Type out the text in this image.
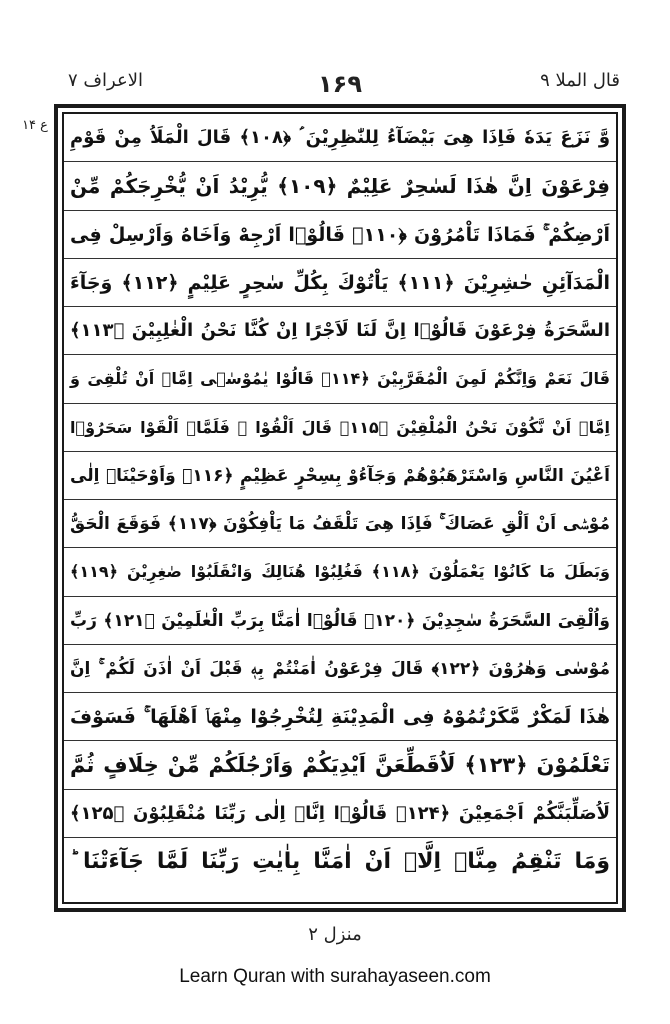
الاعراف ۷	۱۶۹	قال الملا ۹
ع ۱۴
وَّ نَزَعَ يَدَهٗ فَاِذَا هِىَ بَيْضَآءُ لِلنّٰظِرِيْنَ ؑ ﴿۱۰۸﴾ قَالَ الْمَلَاُ مِنْ قَوْمِ
فِرْعَوْنَ اِنَّ هٰذَا لَسٰحِرٌ عَلِيْمٌ ﴿۱۰۹﴾ يُّرِيْدُ اَنْ يُّخْرِجَكُمْ مِّنْ
اَرْضِكُمْ ۚ فَمَاذَا تَاْمُرُوْنَ ﴿۱۱۰﴾ قَالُوْۤا اَرْجِهْ وَاَخَاهُ وَاَرْسِلْ فِى
الْمَدَآئِنِ حٰشِرِيْنَ ﴿۱۱۱﴾ يَاْتُوْكَ بِكُلِّ سٰحِرٍ عَلِيْمٍ ﴿۱۱۲﴾ وَجَآءَ
السَّحَرَةُ فِرْعَوْنَ قَالُوْۤا اِنَّ لَنَا لَاَجْرًا اِنْ كُنَّا نَحْنُ الْغٰلِبِيْنَ ﴿۱۱۳﴾
قَالَ نَعَمْ وَاِنَّكُمْ لَمِنَ الْمُقَرَّبِيْنَ ﴿۱۱۴﴾ قَالُوْا يٰمُوْسٰۤى اِمَّاۤ اَنْ تُلْقِىَ وَ
اِمَّاۤ اَنْ نَّكُوْنَ نَحْنُ الْمُلْقِيْنَ ﴿۱۱۵﴾ قَالَ اَلْقُوْا ۚ فَلَمَّاۤ اَلْقَوْا سَحَرُوْۤا
اَعْيُنَ النَّاسِ وَاسْتَرْهَبُوْهُمْ وَجَآءُوْ بِسِحْرٍ عَظِيْمٍ ﴿۱۱۶﴾ وَاَوْحَيْنَاۤ اِلٰى
مُوْسٰۤى اَنْ اَلْقِ عَصَاكَ ۚ فَاِذَا هِىَ تَلْقَفُ مَا يَاْفِكُوْنَ ﴿۱۱۷﴾ فَوَقَعَ الْحَقُّ
وَبَطَلَ مَا كَانُوْا يَعْمَلُوْنَ ﴿۱۱۸﴾ فَغُلِبُوْا هُنَالِكَ وَانْقَلَبُوْا صٰغِرِيْنَ ﴿۱۱۹﴾
وَاُلْقِىَ السَّحَرَةُ سٰجِدِيْنَ ﴿۱۲۰﴾ قَالُوْۤا اٰمَنَّا بِرَبِّ الْعٰلَمِيْنَ ﴿۱۲۱﴾ رَبِّ
مُوْسٰى وَهٰرُوْنَ ﴿۱۲۲﴾ قَالَ فِرْعَوْنُ اٰمَنْتُمْ بِهٖ قَبْلَ اَنْ اٰذَنَ لَكُمْ ۚ اِنَّ
هٰذَا لَمَكْرٌ مَّكَرْتُمُوْهُ فِى الْمَدِيْنَةِ لِتُخْرِجُوْا مِنْهَاۤ اَهْلَهَا ۚ فَسَوْفَ
تَعْلَمُوْنَ ﴿۱۲۳﴾ لَاُقَطِّعَنَّ اَيْدِيَكُمْ وَاَرْجُلَكُمْ مِّنْ خِلَافٍ ثُمَّ
لَاُصَلِّبَنَّكُمْ اَجْمَعِيْنَ ﴿۱۲۴﴾ قَالُوْۤا اِنَّاۤ اِلٰى رَبِّنَا مُنْقَلِبُوْنَ ﴿۱۲۵﴾
وَمَا تَنْقِمُ مِنَّاۤ اِلَّاۤ اَنْ اٰمَنَّا بِاٰيٰتِ رَبِّنَا لَمَّا جَآءَتْنَا ؕ
منزل ۲
Learn Quran with surahayaseen.com
